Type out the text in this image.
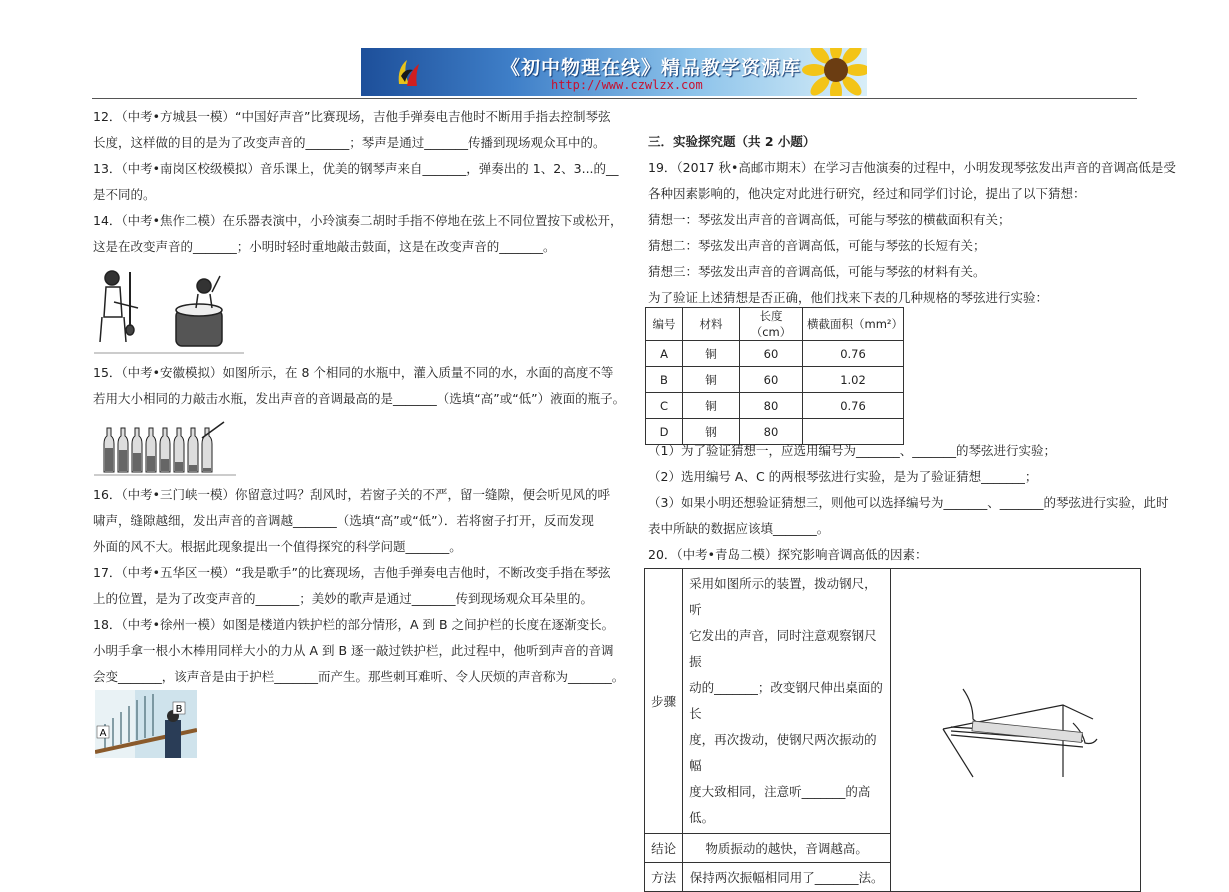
《初中物理在线》精品教学资源库
http://www.czwlzx.com
12．（中考•方城县一模）“中国好声音”比赛现场，吉他手弹奏电吉他时不断用手指去控制琴弦
长度，这样做的目的是为了改变声音的_______；琴声是通过_______传播到现场观众耳中的。
13．（中考•南岗区校级模拟）音乐课上，优美的钢琴声来自_______，弹奏出的 1、2、3...的__
是不同的。
14．（中考•焦作二模）在乐器表演中，小玲演奏二胡时手指不停地在弦上不同位置按下或松开，
这是在改变声音的_______；小明时轻时重地敲击鼓面，这是在改变声音的_______。
15．（中考•安徽模拟）如图所示，在 8 个相同的水瓶中，灌入质量不同的水，水面的高度不等
若用大小相同的力敲击水瓶，发出声音的音调最高的是_______（选填“高”或“低”）液面的瓶子。
16．（中考•三门峡一模）你留意过吗？刮风时，若窗子关的不严，留一缝隙，便会听见风的呼
啸声，缝隙越细，发出声音的音调越_______（选填“高”或“低”）．若将窗子打开，反而发现
外面的风不大。根据此现象提出一个值得探究的科学问题_______。
17．（中考•五华区一模）“我是歌手”的比赛现场，吉他手弹奏电吉他时，不断改变手指在琴弦
上的位置，是为了改变声音的_______；美妙的歌声是通过_______传到现场观众耳朵里的。
18．（中考•徐州一模）如图是楼道内铁护栏的部分情形，A 到 B 之间护栏的长度在逐渐变长。
小明手拿一根小木棒用同样大小的力从 A 到 B 逐一敲过铁护栏，此过程中，他听到声音的音调
会变_______，该声音是由于护栏_______而产生。那些刺耳难听、令人厌烦的声音称为_______。
A
B
三．实验探究题（共 2 小题）
19．（2017 秋•高邮市期末）在学习吉他演奏的过程中，小明发现琴弦发出声音的音调高低是受
各种因素影响的，他决定对此进行研究，经过和同学们讨论，提出了以下猜想：
猜想一：琴弦发出声音的音调高低，可能与琴弦的横截面积有关；
猜想二：琴弦发出声音的音调高低，可能与琴弦的长短有关；
猜想三：琴弦发出声音的音调高低，可能与琴弦的材料有关。
为了验证上述猜想是否正确，他们找来下表的几种规格的琴弦进行实验：
编号	材料	长度（cm）	横截面积（mm²）
A	铜	60	0.76
B	铜	60	1.02
C	铜	80	0.76
D	钢	80	
（1）为了验证猜想一，应选用编号为_______、_______的琴弦进行实验；
（2）选用编号 A、C 的两根琴弦进行实验，是为了验证猜想_______；
（3）如果小明还想验证猜想三，则他可以选择编号为_______、_______的琴弦进行实验，此时
表中所缺的数据应该填_______。
20．（中考•青岛二模）探究影响音调高低的因素：
步骤	采用如图所示的装置，拨动钢尺，听
它发出的声音，同时注意观察钢尺振
动的_______；改变钢尺伸出桌面的长
度，再次拨动，使钢尺两次振动的幅
度大致相同，注意听_______的高低。

结论	物质振动的越快，音调越高。	
方法	保持两次振幅相同用了_______法。	
